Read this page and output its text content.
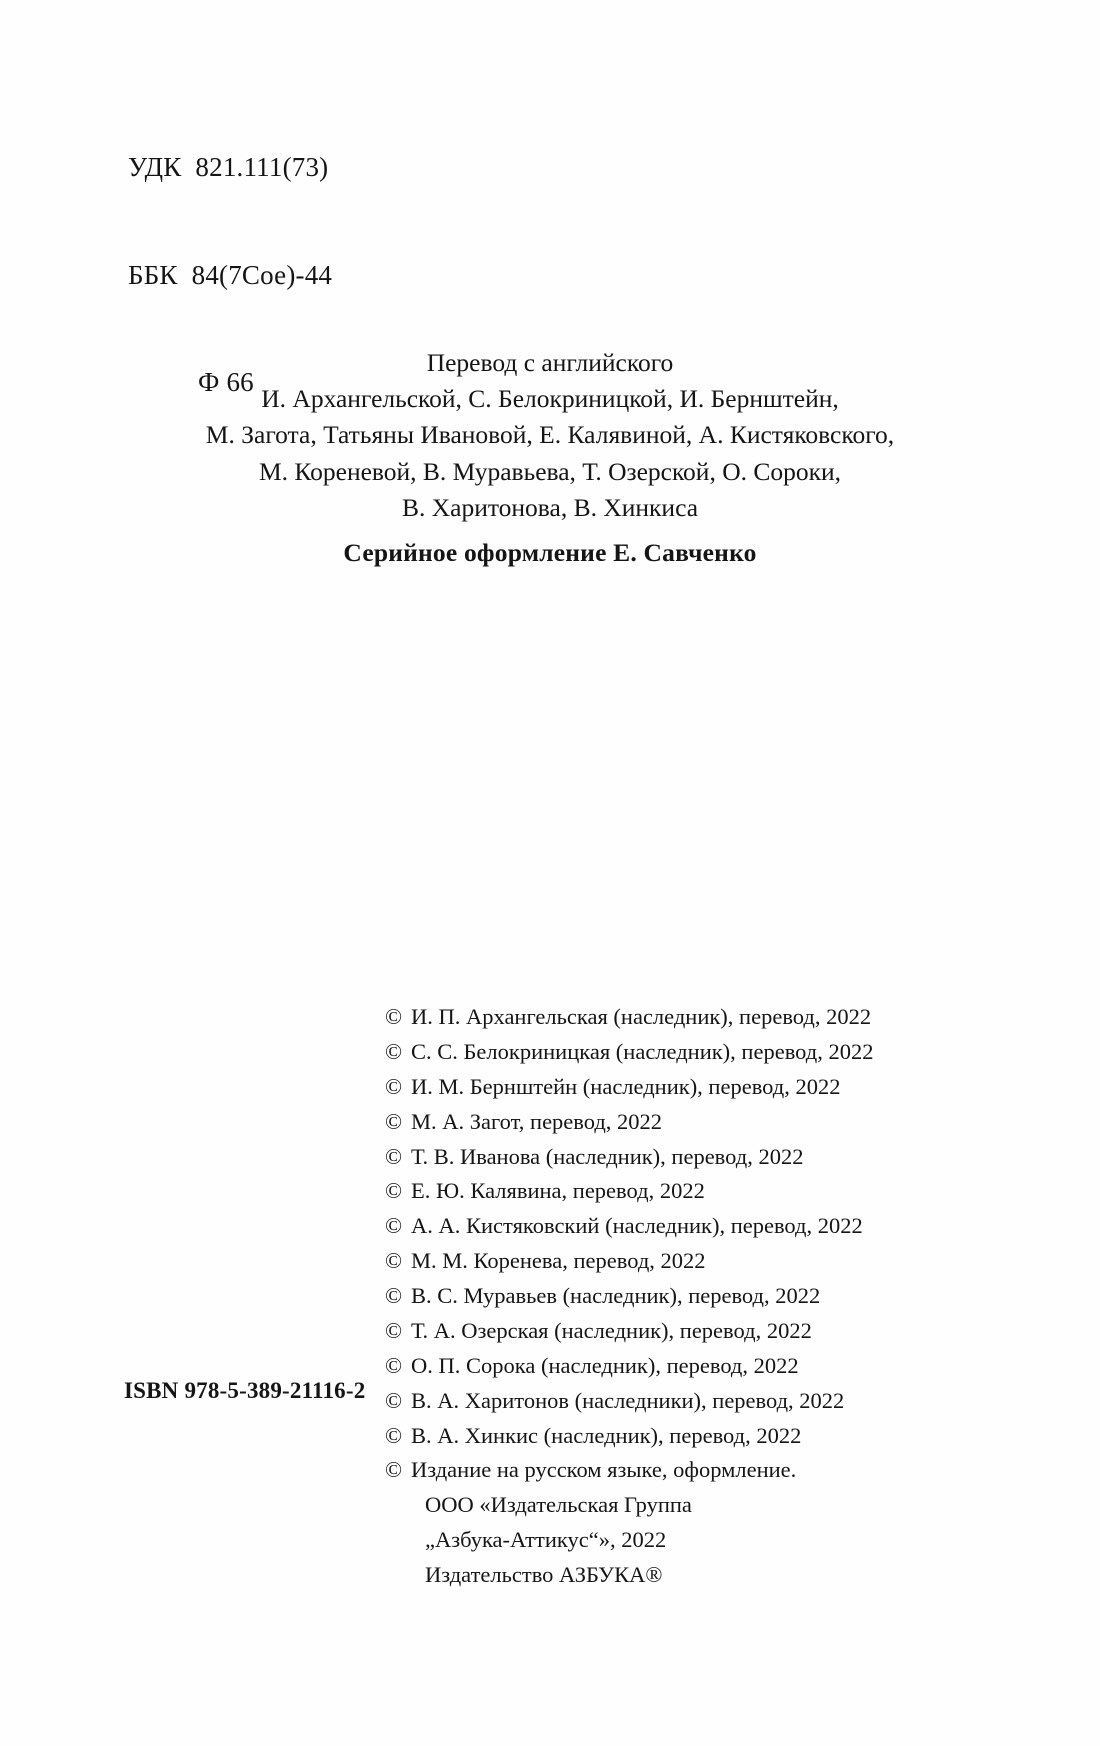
УДК 821.111(73)

ББК 84(7Сое)-44

Ф 66

Перевод с английского
И. Архангельской, С. Белокриницкой, И. Бернштейн,
М. Загота, Татьяны Ивановой, Е. Калявиной, А. Кистяковского,
М. Кореневой, В. Муравьева, Т. Озерской, О. Сороки,
В. Харитонова, В. Хинкиса
Серийное оформление Е. Савченко
© И. П. Архангельская (наследник), перевод, 2022
© С. С. Белокриницкая (наследник), перевод, 2022
© И. М. Бернштейн (наследник), перевод, 2022
© М. А. Загот, перевод, 2022
© Т. В. Иванова (наследник), перевод, 2022
© Е. Ю. Калявина, перевод, 2022
© А. А. Кистяковский (наследник), перевод, 2022
© М. М. Коренева, перевод, 2022
© В. С. Муравьев (наследник), перевод, 2022
© Т. А. Озерская (наследник), перевод, 2022
© О. П. Сорока (наследник), перевод, 2022
© В. А. Харитонов (наследники), перевод, 2022
© В. А. Хинкис (наследник), перевод, 2022
© Издание на русском языке, оформление.
ООО «Издательская Группа
„Азбука-Аттикус“», 2022
Издательство АЗБУКА®
ISBN 978-5-389-21116-2
